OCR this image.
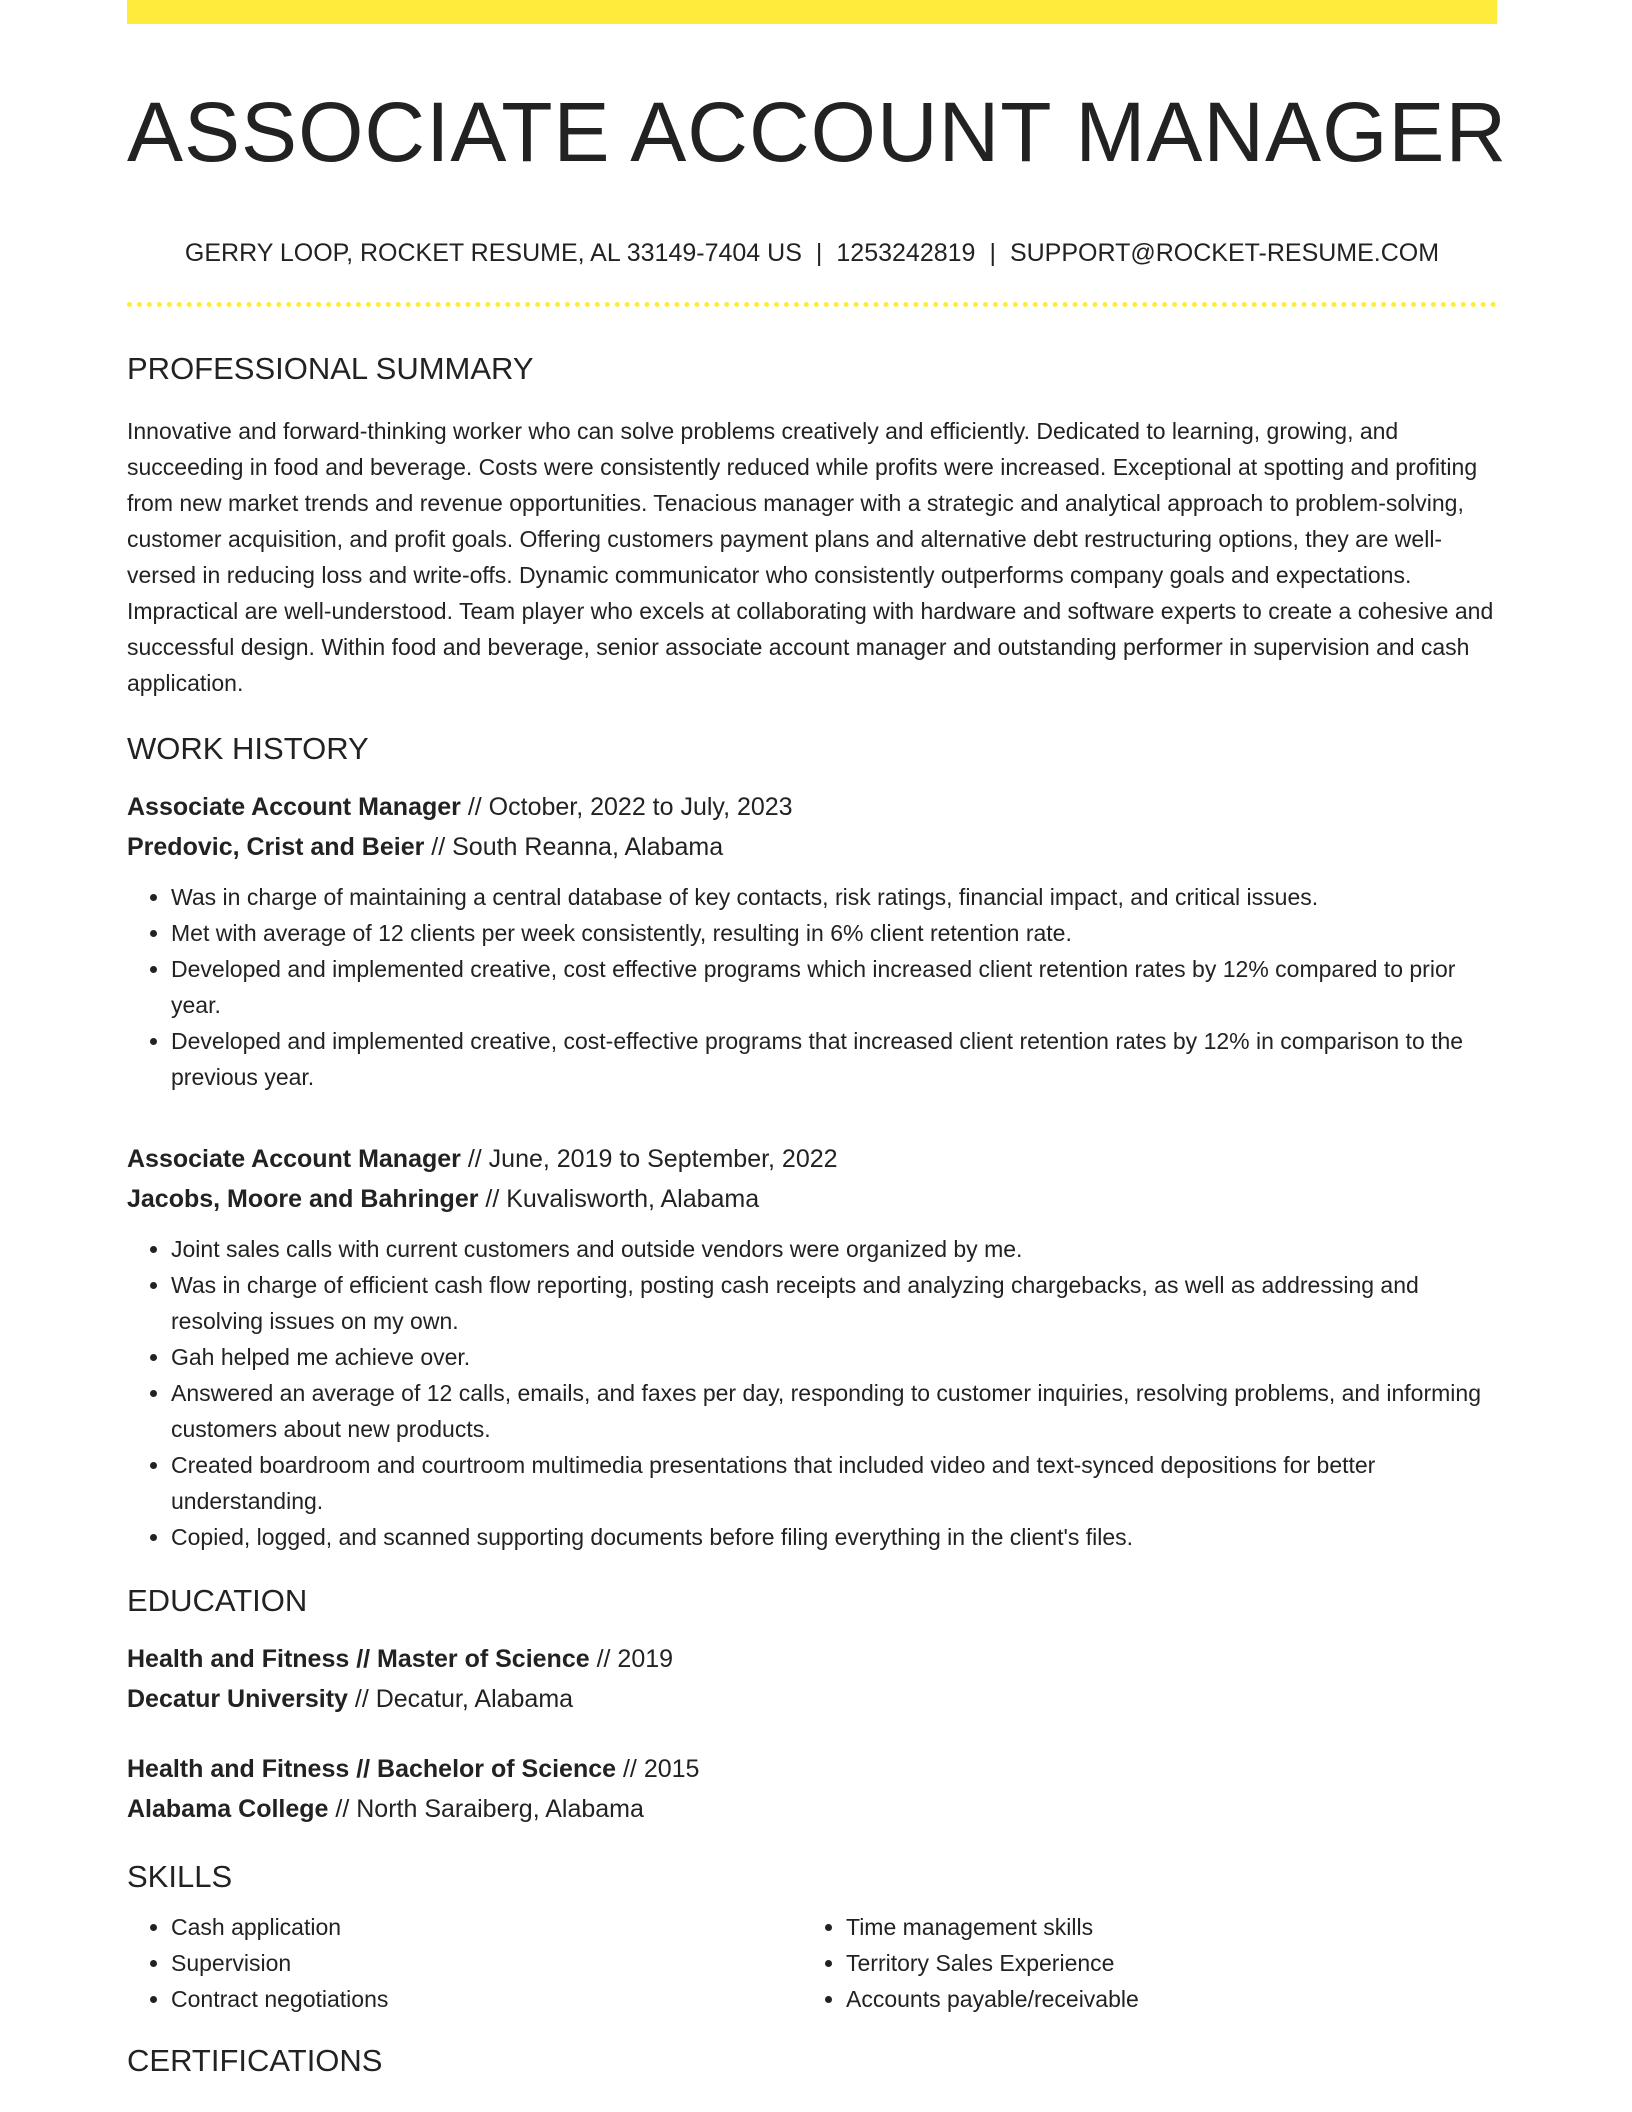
ASSOCIATE ACCOUNT MANAGER
GERRY LOOP, ROCKET RESUME, AL 33149-7404 US | 1253242819 | SUPPORT@ROCKET-RESUME.COM
PROFESSIONAL SUMMARY
Innovative and forward-thinking worker who can solve problems creatively and efficiently. Dedicated to learning, growing, and succeeding in food and beverage. Costs were consistently reduced while profits were increased. Exceptional at spotting and profiting from new market trends and revenue opportunities. Tenacious manager with a strategic and analytical approach to problem-solving, customer acquisition, and profit goals. Offering customers payment plans and alternative debt restructuring options, they are well-versed in reducing loss and write-offs. Dynamic communicator who consistently outperforms company goals and expectations. Impractical are well-understood. Team player who excels at collaborating with hardware and software experts to create a cohesive and successful design. Within food and beverage, senior associate account manager and outstanding performer in supervision and cash application.
WORK HISTORY
Associate Account Manager // October, 2022 to July, 2023
Predovic, Crist and Beier // South Reanna, Alabama
• Was in charge of maintaining a central database of key contacts, risk ratings, financial impact, and critical issues.
• Met with average of 12 clients per week consistently, resulting in 6% client retention rate.
• Developed and implemented creative, cost effective programs which increased client retention rates by 12% compared to prior year.
• Developed and implemented creative, cost-effective programs that increased client retention rates by 12% in comparison to the previous year.
Associate Account Manager // June, 2019 to September, 2022
Jacobs, Moore and Bahringer // Kuvalisworth, Alabama
• Joint sales calls with current customers and outside vendors were organized by me.
• Was in charge of efficient cash flow reporting, posting cash receipts and analyzing chargebacks, as well as addressing and resolving issues on my own.
• Gah helped me achieve over.
• Answered an average of 12 calls, emails, and faxes per day, responding to customer inquiries, resolving problems, and informing customers about new products.
• Created boardroom and courtroom multimedia presentations that included video and text-synced depositions for better understanding.
• Copied, logged, and scanned supporting documents before filing everything in the client's files.
EDUCATION
Health and Fitness // Master of Science // 2019
Decatur University // Decatur, Alabama
Health and Fitness // Bachelor of Science // 2015
Alabama College // North Saraiberg, Alabama
SKILLS
• Cash application
• Supervision
• Contract negotiations
• Time management skills
• Territory Sales Experience
• Accounts payable/receivable
CERTIFICATIONS
